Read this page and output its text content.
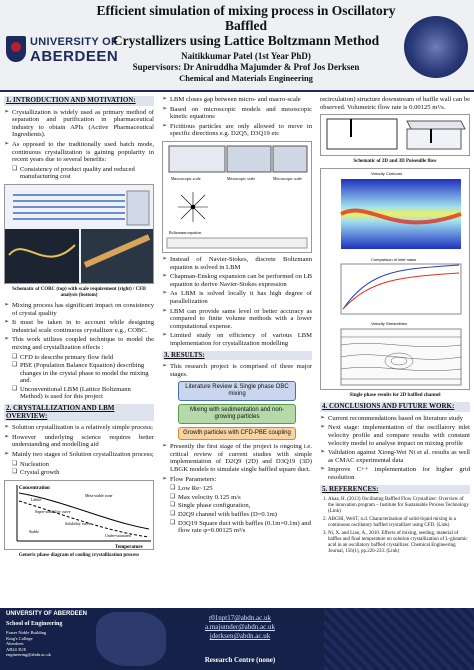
UNIVERSITY OF
ABERDEEN
Efficient simulation of mixing process in Oscillatory Baffled
Crystallizers using Lattice Boltzmann Method
Naitikkumar Patel (1st Year PhD)
Supervisors: Dr Aniruddha Majumder & Prof Jos Derksen
Chemical and Materials Engineering
1. INTRODUCTION AND MOTIVATION:
➢ Crystallization is widely used as primary method of separation and purification in pharmaceutical industry to obtain APIs (Active Pharmaceutical Ingredients).
➢ As opposed to the traditionally used batch mode, continuous crystallization is gaining popularity in recent years due to several benefits:
❑ Consistency of product quality and reduced manufacturing cost
Schematic of COBC (top) with scale requirement (right) / CFD analysis (bottom)
➢ Mixing process has significant impact on consistency of crystal quality
➢ It must be taken in to account while designing industrial scale continuous crystallizer e.g., COBC.
➢ This work utilizes coupled technique to model the mixing and crystallization effects :
❑ CFD to describe primary flow field
❑ PBE (Population Balance Equation) describing changes in the crystal phase to model the mixing and.
❑ Unconventional LBM (Lattice Boltzmann Method) is used for this project
2. CRYSTALLIZATION AND LBM OVERVIEW:
➢ Solution crystallization is a relatively simple process;
➢ However underlying science requires better understanding and modelling aid
➢ Mainly two stages of Solution crystallization process;
❑ Nucleation
❑ Crystal growth
Concentration
Temperature
Meta-stable zone
Labile
Super-solubility curve
Solubility curve
Stable
Under-saturated
Generic phase diagram of cooling crystallization process
➢ LBM closes gap between micro- and macro-scale
➢ Based on microscopic models and mesoscopic kinetic equations
➢ Fictitious particles are only allowed to move in specific directions e.g. D2Q5, D3Q19 etc
Macroscopic scale	Mesoscopic scale	Microscopic scale
Boltzmann equation
➢ Instead of Navier-Stokes, discrete Boltzmann equation is solved in LBM
➢ Chapman-Enskog expansion can be performed on LB equation to derive Navier-Stokes expression
➢ As LBM is solved locally it has high degree of parallelization
➢ LBM can provide same level or better accuracy as compared to finite volume methods with a lower computational expense.
➢ Limited study on efficiency of various LBM implementation for crystallization modelling
3. RESULTS:
➢ This research project is comprised of three major stages.
Literature Review & Single phase OBC mixing
Mixing with sedimentation and non-growing particles
Growth particles with CFD-PBE coupling
➢ Presently the first stage of the project is ongoing i.e. critical review of current studies with simple implementation of D2Q9 (2D) and D3Q19 (3D) LBGK models to simulate single baffled square duct.
➢ Flow Parameters:
❑ Low Re~125
❑ Max velocity 0.125 m/s
❑ Single phase configuration,
❑ D2Q9 channel with baffles (D=0.1m)
❑ D3Q19 Square duct with baffles (0.1m×0.1m) and flow rate φ=0.00125 m³/s
recirculation) structure downstream of baffle wall can be observed. Volumetric flow rate is 0.00125 m³/s.
Schematic of 2D and 3D Poiseuille flow
Velocity Contours
Comparison of inlet mass
Velocity Streamlines
Single phase results for 2D baffled channel
4. CONCLUSIONS AND FUTURE WORK:
➢ Current recommendations based on literature study
➢ Next stage: implementation of the oscillatory inlet velocity profile and compare results with constant velocity model to analyse impact on mixing profile
➢ Validation against Xiong-Wei Ni et al. results as well as CMAC experimental data
➢ Improve C++ implementation for higher grid resolution
5. REFERENCES:
1. Akaa, H. (2013) Oscillating Baffled Flow Crystallizer: Overview of the innovation program – Institute for Sustainable Process Technology (Link)
2. ABCHI, WeST, n.d. Characterization of solid-liquid mixing in a continuous oscillatory baffled crystallizer using CFD. (Link)
3. Ni, X. and Liao, A., 2010. Effects of mixing, seeding, material of baffles and final temperature on solution crystallization of L-glutamic acid in an oscillatory baffled crystallizer. Chemical Engineering Journal, 156(1), pp.226-233. (Link)
UNIVERSITY OF ABERDEEN
School of Engineering
Fraser Noble Building
King's College
Aberdeen
AB24 3UE
engineering@abdn.ac.uk
r01npt17@abdn.ac.uk
a.majumder@abdn.ac.uk
jderksen@abdn.ac.uk
Research Centre (none)
